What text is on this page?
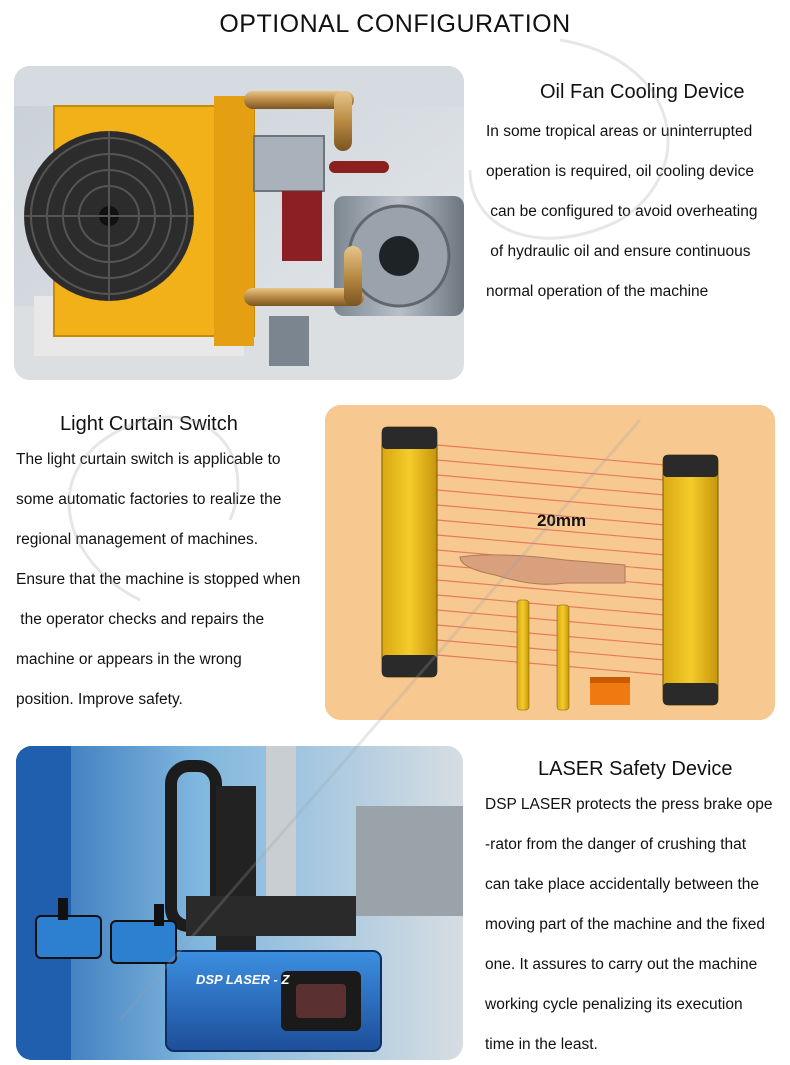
OPTIONAL CONFIGURATION
Oil Fan Cooling Device
In some tropical areas or uninterrupted
operation is required, oil cooling device
can be configured to avoid overheating
of hydraulic oil and ensure continuous
normal operation of the machine
Light Curtain Switch
The light curtain switch is applicable to
some automatic factories to realize the
regional management of machines.
Ensure that the machine is stopped when
the operator checks and repairs the
machine or appears in the wrong
position. Improve safety.
20mm
DSP LASER - Z
LASER Safety Device
DSP LASER protects the press brake ope
-rator from the danger of crushing that
can take place accidentally between the
moving part of the machine and the fixed
one. It assures to carry out the machine
working cycle penalizing its execution
time in the least.
